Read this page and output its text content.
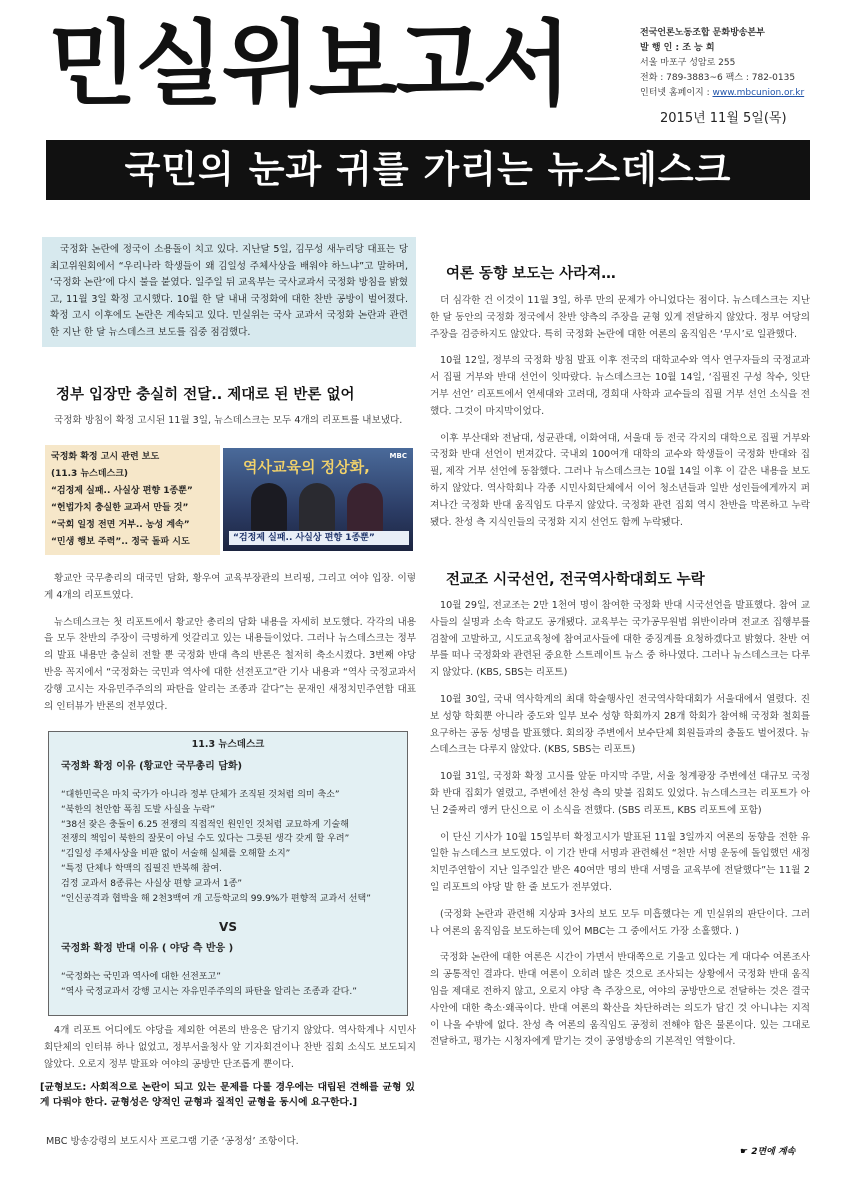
민실위보고서	전국언론노동조합 문화방송본부
발 행 인 : 조 능 희
서울 마포구 성암로 255
전화 : 789-3883~6 팩스 : 782-0135
인터넷 홈페이지 : www.mbcunion.or.kr
2015년 11월 5일(목)
국민의 눈과 귀를 가리는 뉴스데스크
국정화 논란에 정국이 소용돌이 치고 있다. 지난달 5일, 김무성 새누리당 대표는 당 최고위원회에서 “우리나라 학생들이 왜 김일성 주체사상을 배워야 하느냐”고 말하며, ‘국정화 논란’에 다시 불을 붙였다. 일주일 뒤 교육부는 국사교과서 국정화 방침을 밝혔고, 11월 3일 확정 고시했다. 10월 한 달 내내 국정화에 대한 찬반 공방이 벌어졌다. 확정 고시 이후에도 논란은 계속되고 있다. 민실위는 국사 교과서 국정화 논란과 관련한 지난 한 달 뉴스데스크 보도를 집중 점검했다.
정부 입장만 충실히 전달.. 제대로 된 반론 없어

국정화 방침이 확정 고시된 11월 3일, 뉴스데스크는 모두 4개의 리포트를 내보냈다.

국정화 확정 고시 관련 보도
(11.3 뉴스데스크)
“검정제 실패.. 사실상 편향 1종뿐”
“헌법가치 충실한 교과서 만들 것”
“국회 일정 전면 거부.. 농성 계속”
“민생 행보 주력”.. 정국 돌파 시도
역사교육의 정상화,
MBC
“검정제 실패.. 사실상 편향 1종뿐”

황교안 국무총리의 대국민 담화, 황우여 교육부장관의 브리핑, 그리고 여야 입장. 이렇게 4개의 리포트였다.

뉴스데스크는 첫 리포트에서 황교안 총리의 담화 내용을 자세히 보도했다. 각각의 내용을 모두 찬반의 주장이 극명하게 엇갈리고 있는 내용들이었다. 그러나 뉴스데스크는 정부의 발표 내용만 충실히 전할 뿐 국정화 반대 측의 반론은 철저히 축소시켰다. 3번째 야당 반응 꼭지에서 “국정화는 국민과 역사에 대한 선전포고”란 기사 내용과 “역사 국정교과서 강행 고시는 자유민주주의의 파탄을 알리는 조종과 같다”는 문재인 새정치민주연합 대표의 인터뷰가 반론의 전부였다.

11.3 뉴스데스크
국정화 확정 이유 (황교안 국무총리 담화)
“대한민국은 마치 국가가 아니라 정부 단체가 조직된 것처럼 의미 축소”
“북한의 천안함 폭침 도발 사실을 누락”
“38선 잦은 충돌이 6.25 전쟁의 직접적인 원인인 것처럼 교묘하게 기술해
전쟁의 책임이 북한의 잘못이 아닐 수도 있다는 그릇된 생각 갖게 할 우려”
“김일성 주체사상을 비판 없이 서술해 실체를 오해할 소지”
“특정 단체나 학맥의 집필진 반복해 참여.
검정 교과서 8종류는 사실상 편향 교과서 1종”
“인신공격과 협박을 해 2천3백여 개 고등학교의 99.9%가 편향적 교과서 선택”
VS
국정화 확정 반대 이유 ( 야당 측 반응 )
“국정화는 국민과 역사에 대한 선전포고”
“역사 국정교과서 강행 고시는 자유민주주의의 파탄을 알리는 조종과 같다.”

4개 리포트 어디에도 야당을 제외한 여론의 반응은 담기지 않았다. 역사학계나 시민사회단체의 인터뷰 하나 없었고, 정부서울청사 앞 기자회견이나 찬반 집회 소식도 보도되지 않았다. 오로지 정부 발표와 여야의 공방만 단조롭게 뿐이다.

[균형보도: 사회적으로 논란이 되고 있는 문제를 다룰 경우에는 대립된 견해를 균형 있게 다뤄야 한다. 균형성은 양적인 균형과 질적인 균형을 동시에 요구한다.]
MBC 방송강령의 보도시사 프로그램 기준 ‘공정성’ 조항이다.
여론 동향 보도는 사라져…

더 심각한 건 이것이 11월 3일, 하루 만의 문제가 아니었다는 점이다. 뉴스데스크는 지난 한 달 동안의 국정화 정국에서 찬반 양측의 주장을 균형 있게 전달하지 않았다. 정부 여당의 주장을 검증하지도 않았다. 특히 국정화 논란에 대한 여론의 움직임은 ‘무시’로 일관했다.

10월 12일, 정부의 국정화 방침 발표 이후 전국의 대학교수와 역사 연구자들의 국정교과서 집필 거부와 반대 선언이 잇따랐다. 뉴스데스크는 10월 14일, ‘집필진 구성 착수, 잇단 거부 선언’ 리포트에서 연세대와 고려대, 경희대 사학과 교수들의 집필 거부 선언 소식을 전했다. 그것이 마지막이었다.

이후 부산대와 전남대, 성균관대, 이화여대, 서울대 등 전국 각지의 대학으로 집필 거부와 국정화 반대 선언이 번져갔다. 국내외 100여개 대학의 교수와 학생들이 국정화 반대와 집필, 제작 거부 선언에 동참했다. 그러나 뉴스데스크는 10월 14일 이후 이 같은 내용을 보도하지 않았다. 역사학회나 각종 시민사회단체에서 이어 청소년들과 일반 성인들에게까지 퍼져나간 국정화 반대 움직임도 다루지 않았다. 국정화 관련 집회 역시 찬반을 막론하고 누락됐다. 찬성 측 지식인들의 국정화 지지 선언도 함께 누락됐다.

전교조 시국선언, 전국역사학대회도 누락

10월 29일, 전교조는 2만 1천여 명이 참여한 국정화 반대 시국선언을 발표했다. 참여 교사들의 실명과 소속 학교도 공개됐다. 교육부는 국가공무원법 위반이라며 전교조 집행부를 검찰에 고발하고, 시도교육청에 참여교사들에 대한 중징계를 요청하겠다고 밝혔다. 찬반 여부를 떠나 국정화와 관련된 중요한 스트레이트 뉴스 중 하나였다. 그러나 뉴스데스크는 다루지 않았다. (KBS, SBS는 리포트)

10월 30일, 국내 역사학계의 최대 학술행사인 전국역사학대회가 서울대에서 열렸다. 진보 성향 학회뿐 아니라 중도와 일부 보수 성향 학회까지 28개 학회가 참여해 국정화 철회를 요구하는 공동 성명을 발표했다. 회의장 주변에서 보수단체 회원들과의 충돌도 벌어졌다. 뉴스데스크는 다루지 않았다. (KBS, SBS는 리포트)

10월 31일, 국정화 확정 고시를 앞둔 마지막 주말, 서울 청계광장 주변에선 대규모 국정화 반대 집회가 열렸고, 주변에선 찬성 측의 맞불 집회도 있었다. 뉴스데스크는 리포트가 아닌 2줄짜리 앵커 단신으로 이 소식을 전했다. (SBS 리포트, KBS 리포트에 포함)

이 단신 기사가 10월 15일부터 확정고시가 발표된 11월 3일까지 여론의 동향을 전한 유일한 뉴스데스크 보도였다. 이 기간 반대 서명과 관련해선 “천만 서명 운동에 돌입했던 새정치민주연합이 지난 일주일간 받은 40여만 명의 반대 서명을 교육부에 전달했다”는 11월 2일 리포트의 야당 발 한 줄 보도가 전부였다.

(국정화 논란과 관련해 지상파 3사의 보도 모두 미흡했다는 게 민실위의 판단이다. 그러나 여론의 움직임을 보도하는데 있어 MBC는 그 중에서도 가장 소홀했다. )

국정화 논란에 대한 여론은 시간이 가면서 반대쪽으로 기울고 있다는 게 대다수 여론조사의 공통적인 결과다. 반대 여론이 오히려 많은 것으로 조사되는 상황에서 국정화 반대 움직임을 제대로 전하지 않고, 오로지 야당 측 주장으로, 여야의 공방만으로 전달하는 것은 결국 사안에 대한 축소·왜곡이다. 반대 여론의 확산을 차단하려는 의도가 담긴 것 아니냐는 지적이 나올 수밖에 없다. 찬성 측 여론의 움직임도 공정히 전해야 함은 물론이다. 있는 그대로 전달하고, 평가는 시청자에게 맡기는 것이 공영방송의 기본적인 역할이다.

☛ 2면에 계속
